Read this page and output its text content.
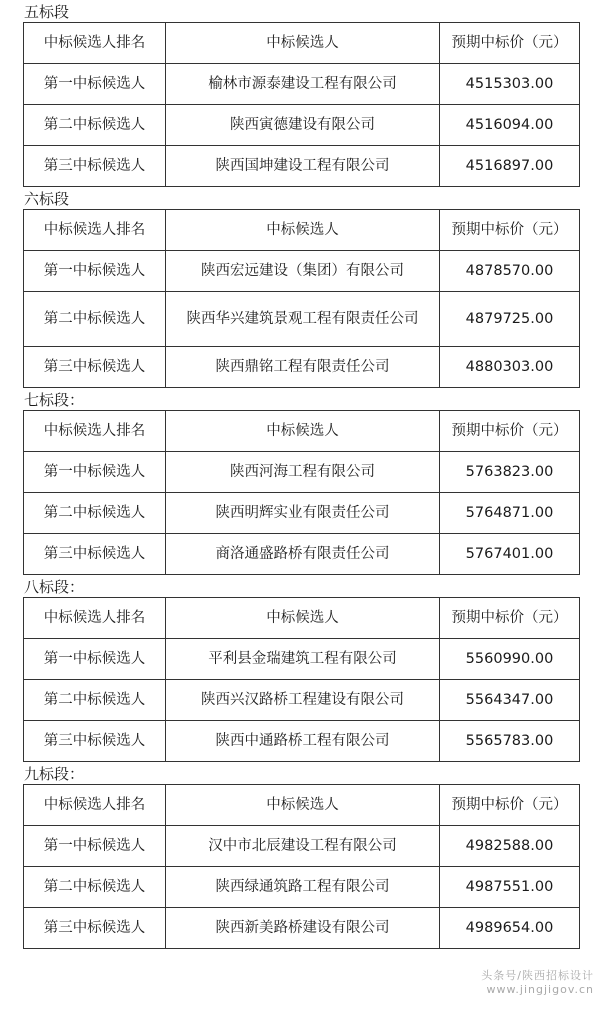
五标段
中标候选人排名	中标候选人	预期中标价（元）
第一中标候选人	榆林市源泰建设工程有限公司	4515303.00
第二中标候选人	陕西寅德建设有限公司	4516094.00
第三中标候选人	陕西国坤建设工程有限公司	4516897.00
六标段
中标候选人排名	中标候选人	预期中标价（元）
第一中标候选人	陕西宏远建设（集团）有限公司	4878570.00
第二中标候选人	陕西华兴建筑景观工程有限责任公司	4879725.00
第三中标候选人	陕西鼎铭工程有限责任公司	4880303.00
七标段：
中标候选人排名	中标候选人	预期中标价（元）
第一中标候选人	陕西河海工程有限公司	5763823.00
第二中标候选人	陕西明辉实业有限责任公司	5764871.00
第三中标候选人	商洛通盛路桥有限责任公司	5767401.00
八标段：
中标候选人排名	中标候选人	预期中标价（元）
第一中标候选人	平利县金瑞建筑工程有限公司	5560990.00
第二中标候选人	陕西兴汉路桥工程建设有限公司	5564347.00
第三中标候选人	陕西中通路桥工程有限公司	5565783.00
九标段：
中标候选人排名	中标候选人	预期中标价（元）
第一中标候选人	汉中市北辰建设工程有限公司	4982588.00
第二中标候选人	陕西绿通筑路工程有限公司	4987551.00
第三中标候选人	陕西新美路桥建设有限公司	4989654.00
头条号/陕西招标设计
www.jingjigov.cn
